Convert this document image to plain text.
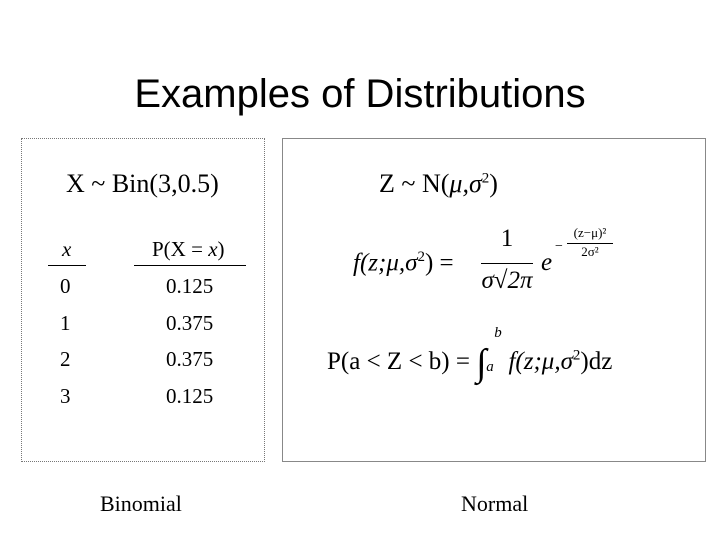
Examples of Distributions
X ~ Bin(3,0.5)
x	P(X = x)
0	0.125
1	0.375
2	0.375
3	0.125
Z ~ $N(\mu,\sigma^2)$
$f(z;\mu,\sigma^2)$ =
1
σ√2π
e
−
(z−μ)²
2σ²
P(a < Z < b) = ∫
b
a $f(z;\mu,\sigma^2)dz$
Binomial	Normal
